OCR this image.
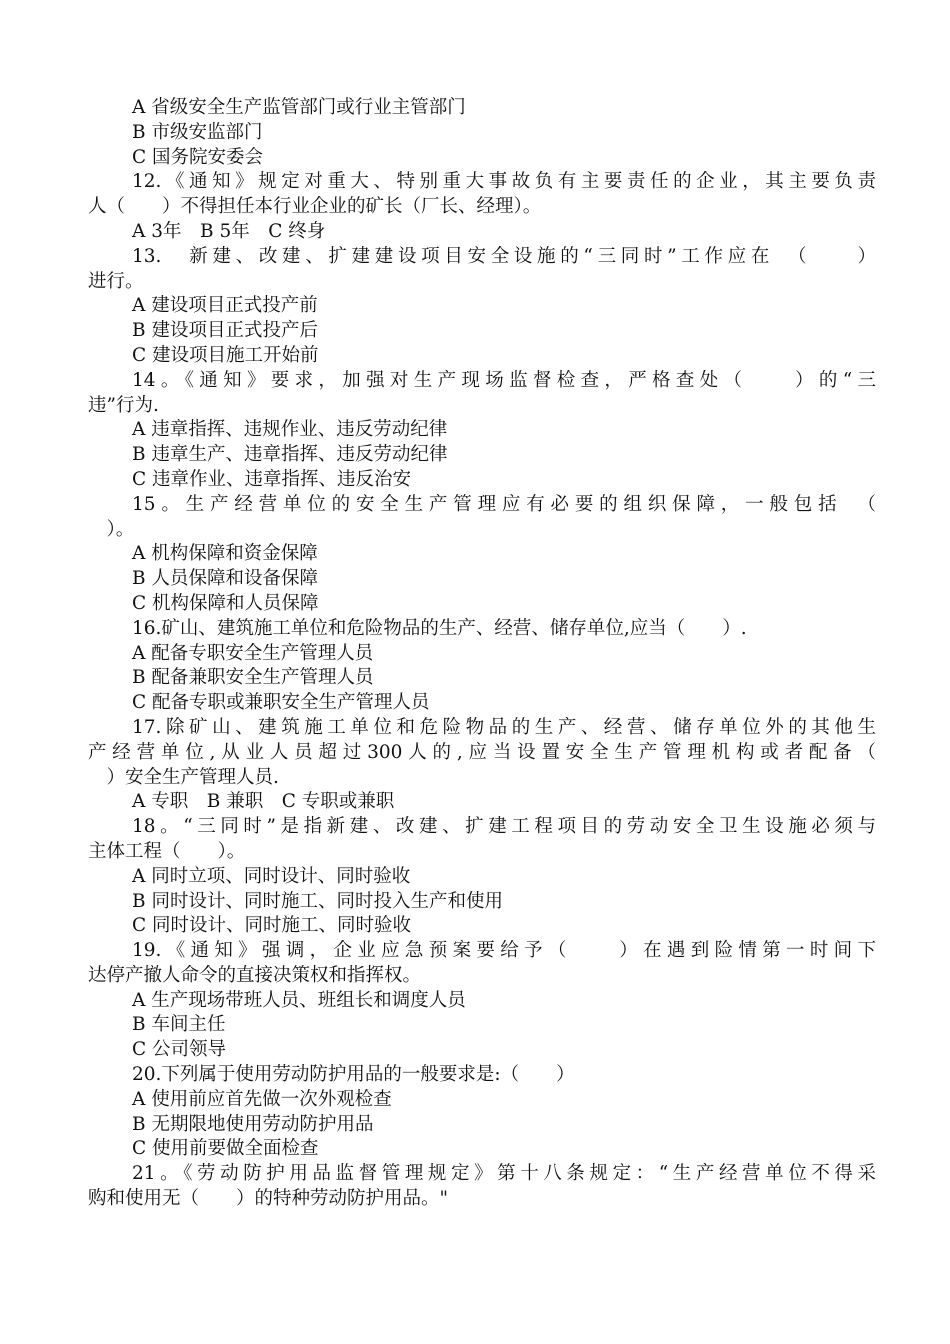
A 省级安全生产监管部门或行业主管部门
B 市级安监部门
C 国务院安委会
12.《通知》规定对重大、特别重大事故负有主要责任的企业，其主要负责
人（　　）不得担任本行业企业的矿长（厂长、经理）。
A 3年　B 5年　C 终身
13.　新建、改建、扩建建设项目安全设施的“三同时”工作应在　（　　）
进行。
A 建设项目正式投产前
B 建设项目正式投产后
C 建设项目施工开始前
14。《通知》要求，加强对生产现场监督检查，严格查处（　　）的“三
违”行为.
A 违章指挥、违规作业、违反劳动纪律
B 违章生产、违章指挥、违反劳动纪律
C 违章作业、违章指挥、违反治安
15。生产经营单位的安全生产管理应有必要的组织保障，一般包括　（
　）。
A 机构保障和资金保障
B 人员保障和设备保障
C 机构保障和人员保障
16.矿山、建筑施工单位和危险物品的生产、经营、储存单位,应当（　　）.
A 配备专职安全生产管理人员
B 配备兼职安全生产管理人员
C 配备专职或兼职安全生产管理人员
17.除矿山、建筑施工单位和危险物品的生产、经营、储存单位外的其他生
产经营单位,从业人员超过300人的,应当设置安全生产管理机构或者配备（
　）安全生产管理人员.
A 专职　B 兼职　C 专职或兼职
18。“三同时”是指新建、改建、扩建工程项目的劳动安全卫生设施必须与
主体工程（　　）。
A 同时立项、同时设计、同时验收
B 同时设计、同时施工、同时投入生产和使用
C 同时设计、同时施工、同时验收
19.《通知》强调，企业应急预案要给予（　　）在遇到险情第一时间下
达停产撤人命令的直接决策权和指挥权。
A 生产现场带班人员、班组长和调度人员
B 车间主任
C 公司领导
20.下列属于使用劳动防护用品的一般要求是:（　　）
A 使用前应首先做一次外观检查
B 无期限地使用劳动防护用品
C 使用前要做全面检查
21。《劳动防护用品监督管理规定》第十八条规定：“生产经营单位不得采
购和使用无（　　）的特种劳动防护用品。"
